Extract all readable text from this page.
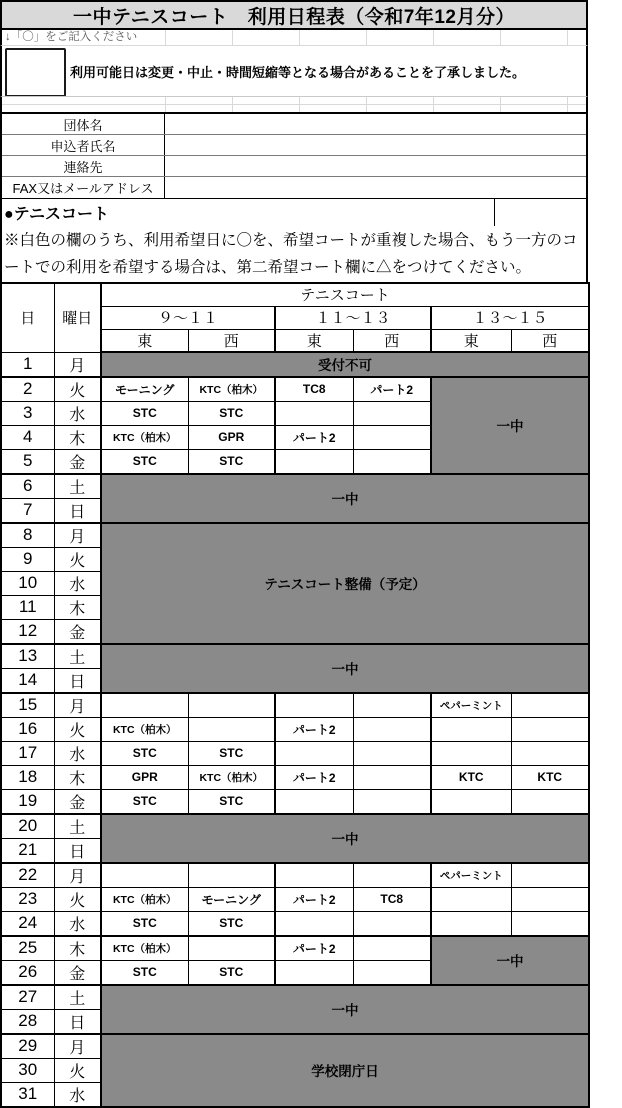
一中テニスコート　利用日程表（令和7年12月分）
↓「〇」をご記入ください
利用可能日は変更・中止・時間短縮等となる場合があることを了承しました。
団体名
申込者氏名
連絡先
FAX又はメールアドレス
●テニスコート
※白色の欄のうち、利用希望日に〇を、希望コートが重複した場合、もう一方のコートでの利用を希望する場合は、第二希望コート欄に△をつけてください。
日	曜日	テニスコート					
		９〜１１		１１〜１３		１３〜１５	
		東	西	東	西	東	西
1	月	受付不可					
2	火	モーニング	KTC（柏木）	TC8	パート2	一中	
3	水	STC	STC				
4	木	KTC（柏木）	GPR	パート2			
5	金	STC	STC				
6	土	一中					
7	日						
8	月	テニスコート整備（予定）					
9	火						
10	水						
11	木						
12	金						
13	土	一中					
14	日						
15	月					ペパーミント	
16	火	KTC（柏木）		パート2			
17	水	STC	STC				
18	木	GPR	KTC（柏木）	パート2		KTC	KTC
19	金	STC	STC				
20	土	一中					
21	日						
22	月					ペパーミント	
23	火	KTC（柏木）	モーニング	パート2	TC8		
24	水	STC	STC				
25	木	KTC（柏木）		パート2		一中	
26	金	STC	STC				
27	土	一中					
28	日						
29	月	学校閉庁日					
30	火						
31	水						
